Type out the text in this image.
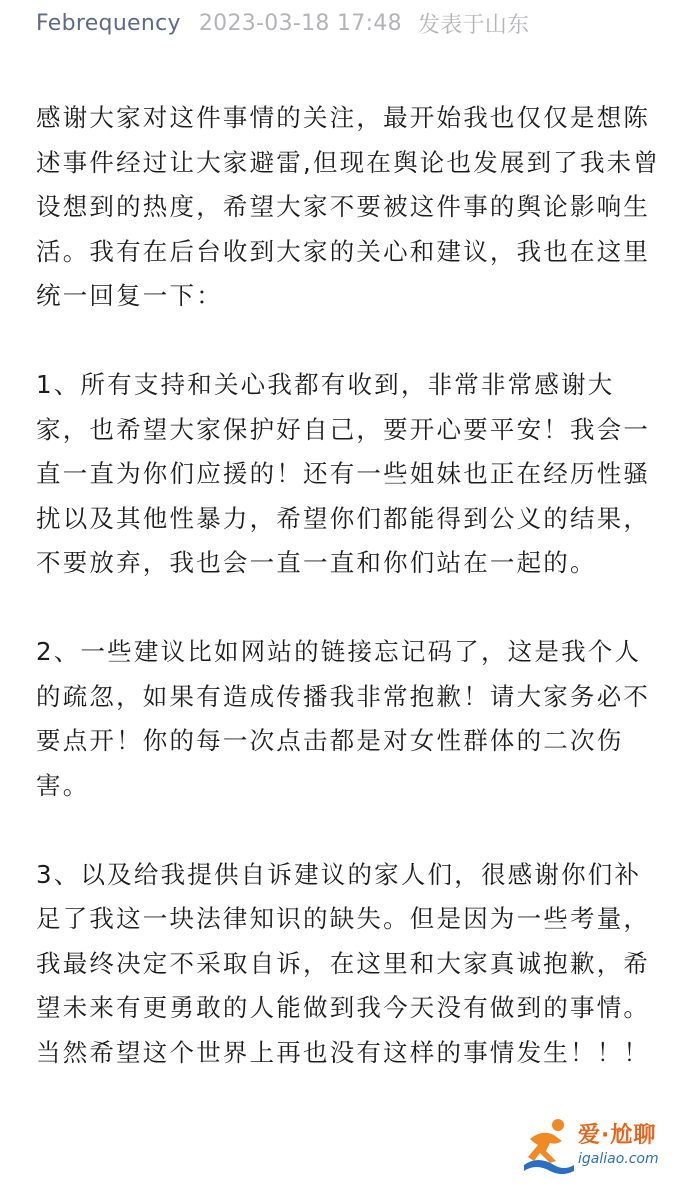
Febrequency 2023-03-18 17:48 发表于山东

感谢大家对这件事情的关注，最开始我也仅仅是想陈述事件经过让大家避雷,但现在舆论也发展到了我未曾设想到的热度，希望大家不要被这件事的舆论影响生活。我有在后台收到大家的关心和建议，我也在这里统一回复一下：

1、所有支持和关心我都有收到，非常非常感谢大家，也希望大家保护好自己，要开心要平安！我会一直一直为你们应援的！还有一些姐妹也正在经历性骚扰以及其他性暴力，希望你们都能得到公义的结果，不要放弃，我也会一直一直和你们站在一起的。

2、一些建议比如网站的链接忘记码了，这是我个人的疏忽，如果有造成传播我非常抱歉！请大家务必不要点开！你的每一次点击都是对女性群体的二次伤害。

3、以及给我提供自诉建议的家人们，很感谢你们补足了我这一块法律知识的缺失。但是因为一些考量，我最终决定不采取自诉，在这里和大家真诚抱歉，希望未来有更勇敢的人能做到我今天没有做到的事情。当然希望这个世界上再也没有这样的事情发生！！！

爱·尬聊
igaliao.com
